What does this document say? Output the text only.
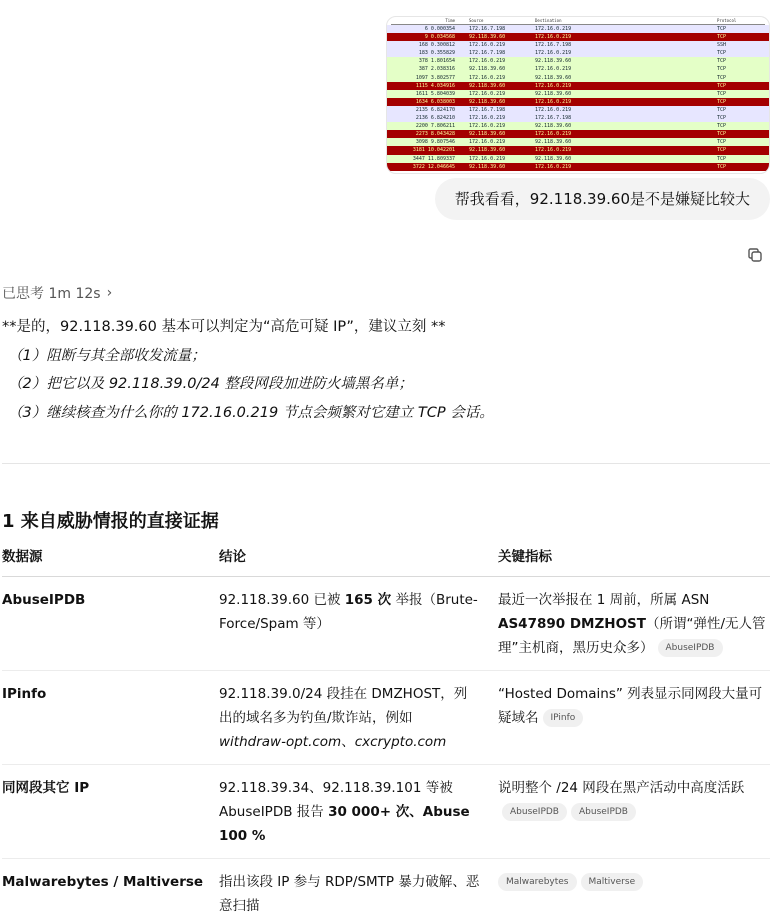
Time	Source	Destination	Protocol
6 0.000354	172.16.7.198	172.16.0.219	TCP
9 0.034568	92.118.39.60	172.16.0.219	TCP
168 0.300812	172.16.0.219	172.16.7.198	SSH
183 0.355829	172.16.7.198	172.16.0.219	TCP
378 1.801654	172.16.0.219	92.118.39.60	TCP
387 2.038316	92.118.39.60	172.16.0.219	TCP
1097 3.802577	172.16.0.219	92.118.39.60	TCP
1115 4.034916	92.118.39.60	172.16.0.219	TCP
1611 5.804039	172.16.0.219	92.118.39.60	TCP
1634 6.038003	92.118.39.60	172.16.0.219	TCP
2135 6.824170	172.16.7.198	172.16.0.219	TCP
2136 6.824210	172.16.0.219	172.16.7.198	TCP
2200 7.806211	172.16.0.219	92.118.39.60	TCP
2273 8.043428	92.118.39.60	172.16.0.219	TCP
3098 9.807546	172.16.0.219	92.118.39.60	TCP
3181 10.042201	92.118.39.60	172.16.0.219	TCP
3447 11.809337	172.16.0.219	92.118.39.60	TCP
3722 12.046645	92.118.39.60	172.16.0.219	TCP
帮我看看，92.118.39.60是不是嫌疑比较大
已思考 1m 12s ›
**是的，92.118.39.60 基本可以判定为“高危可疑 IP”，建议立刻 **
（1）阻断与其全部收发流量；
（2）把它以及 92.118.39.0/24 整段网段加进防火墙黑名单；
（3）继续核查为什么你的 172.16.0.219 节点会频繁对它建立 TCP 会话。
1 来自威胁情报的直接证据
数据源	结论	关键指标
AbuseIPDB	92.118.39.60 已被 165 次 举报（Brute-Force/Spam 等）	最近一次举报在 1 周前，所属 ASN AS47890 DMZHOST（所谓“弹性/无人管理”主机商，黑历史众多） AbuseIPDB
IPinfo	92.118.39.0/24 段挂在 DMZHOST，列出的域名多为钓鱼/欺诈站，例如 withdraw-opt.com、cxcrypto.com	“Hosted Domains” 列表显示同网段大量可疑域名 IPinfo
同网段其它 IP	92.118.39.34、92.118.39.101 等被 AbuseIPDB 报告 30 000+ 次、Abuse 100 %	说明整个 /24 网段在黑产活动中高度活跃AbuseIPDB AbuseIPDB
Malwarebytes / Maltiverse	指出该段 IP 参与 RDP/SMTP 暴力破解、恶意扫描	Malwarebytes Maltiverse
